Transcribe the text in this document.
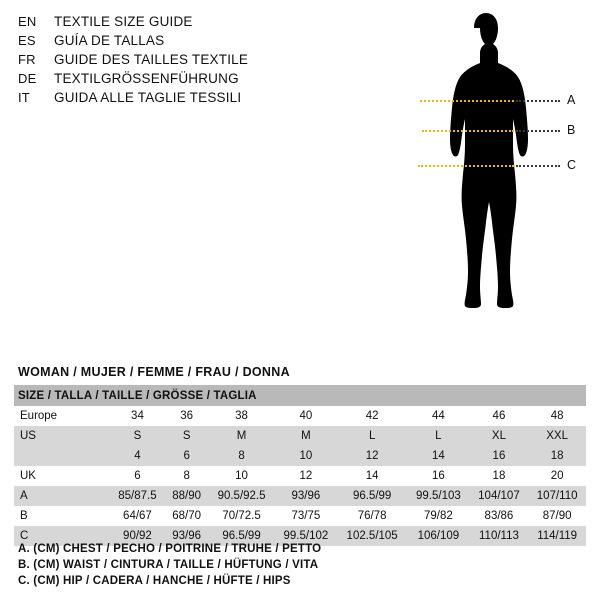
EN	TEXTILE SIZE GUIDE
ES	GUÍA DE TALLAS
FR	GUIDE DES TAILLES TEXTILE
DE	TEXTILGRÖSSENFÜHRUNG
IT	GUIDA ALLE TAGLIE TESSILI	A
B
C
WOMAN / MUJER / FEMME / FRAU / DONNA
SIZE / TALLA / TAILLE / GRÖSSE / TAGLIA								
Europe	34	36	38	40	42	44	46	48
US	S	S	M	M	L	L	XL	XXL
	4	6	8	10	12	14	16	18
UK	6	8	10	12	14	16	18	20
A	85/87.5	88/90	90.5/92.5	93/96	96.5/99	99.5/103	104/107	107/110
B	64/67	68/70	70/72.5	73/75	76/78	79/82	83/86	87/90
C	90/92	93/96	96.5/99	99.5/102	102.5/105	106/109	110/113	114/119
A. (CM) CHEST / PECHO / POITRINE / TRUHE / PETTO
B. (CM) WAIST / CINTURA / TAILLE / HÜFTUNG / VITA
C. (CM) HIP / CADERA / HANCHE / HÜFTE / HIPS
